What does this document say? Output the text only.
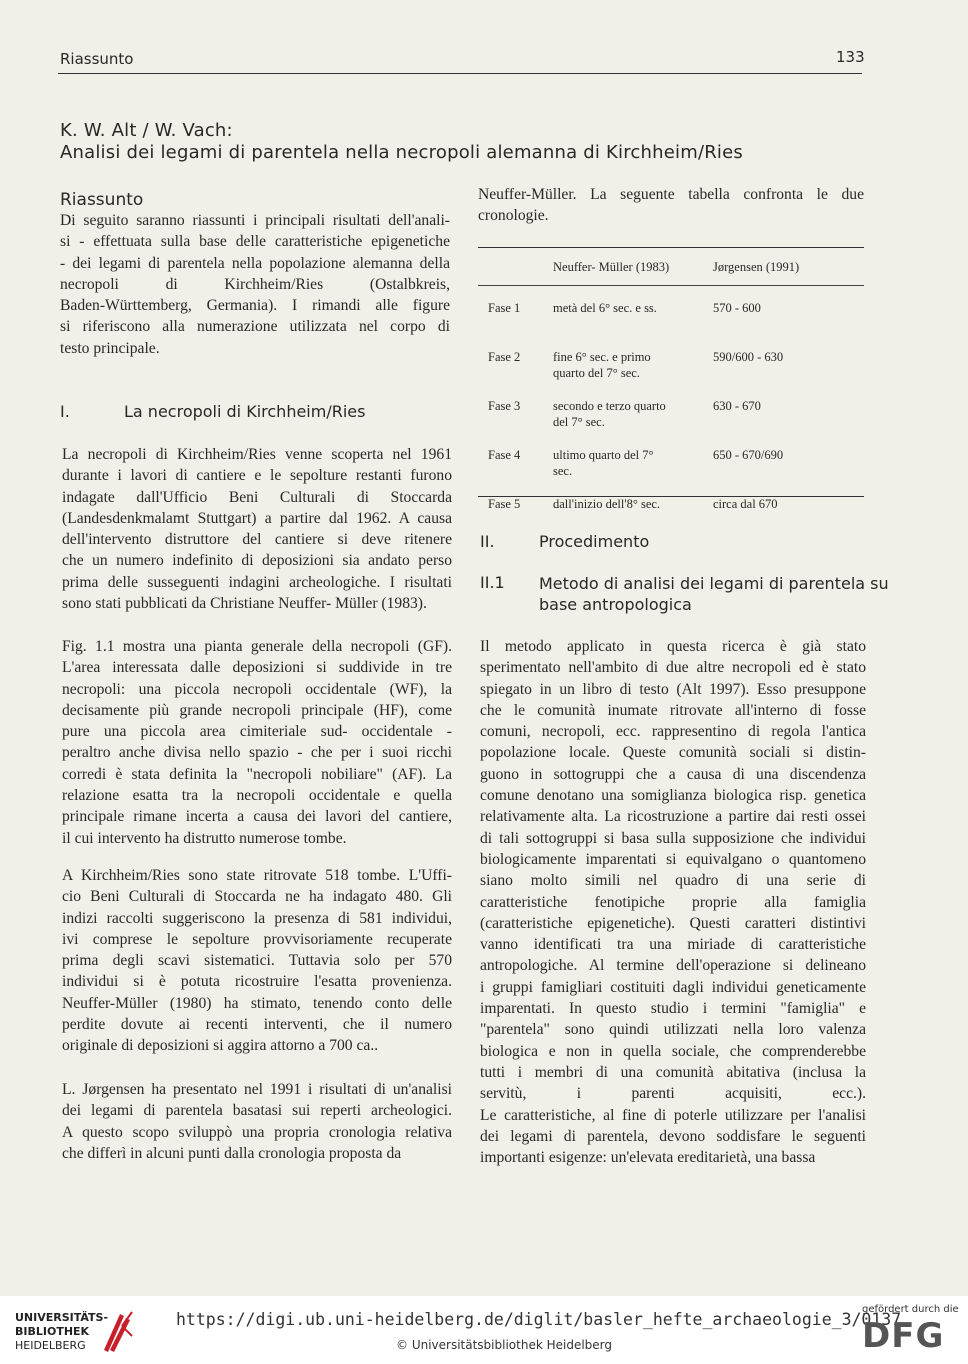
Riassunto	133
K. W. Alt / W. Vach:
Analisi dei legami di parentela nella necropoli alemanna di Kirchheim/Ries
Riassunto
Di seguito saranno riassunti i principali risultati dell'anali-
si - effettuata sulla base delle caratteristiche epigenetiche
- dei legami di parentela nella popolazione alemanna della
necropoli di Kirchheim/Ries (Ostalbkreis,
Baden-Württemberg, Germania). I rimandi alle figure
si riferiscono alla numerazione utilizzata nel corpo di
testo principale.
I.	La necropoli di Kirchheim/Ries
La necropoli di Kirchheim/Ries venne scoperta nel 1961
durante i lavori di cantiere e le sepolture restanti furono
indagate dall'Ufficio Beni Culturali di Stoccarda
(Landesdenkmalamt Stuttgart) a partire dal 1962. A causa
dell'intervento distruttore del cantiere si deve ritenere
che un numero indefinito di deposizioni sia andato perso
prima delle susseguenti indagini archeologiche. I risultati
sono stati pubblicati da Christiane Neuffer- Müller (1983).
Fig. 1.1 mostra una pianta generale della necropoli (GF).
L'area interessata dalle deposizioni si suddivide in tre
necropoli: una piccola necropoli occidentale (WF), la
decisamente più grande necropoli principale (HF), come
pure una piccola area cimiteriale sud- occidentale -
peraltro anche divisa nello spazio - che per i suoi ricchi
corredi è stata definita la "necropoli nobiliare" (AF). La
relazione esatta tra la necropoli occidentale e quella
principale rimane incerta a causa dei lavori del cantiere,
il cui intervento ha distrutto numerose tombe.
A Kirchheim/Ries sono state ritrovate 518 tombe. L'Uffi-
cio Beni Culturali di Stoccarda ne ha indagato 480. Gli
indizi raccolti suggeriscono la presenza di 581 individui,
ivi comprese le sepolture provvisoriamente recuperate
prima degli scavi sistematici. Tuttavia solo per 570
individui si è potuta ricostruire l'esatta provenienza.
Neuffer-Müller (1980) ha stimato, tenendo conto delle
perdite dovute ai recenti interventi, che il numero
originale di deposizioni si aggira attorno a 700 ca..
L. Jørgensen ha presentato nel 1991 i risultati di un'analisi
dei legami di parentela basatasi sui reperti archeologici.
A questo scopo sviluppò una propria cronologia relativa
che differì in alcuni punti dalla cronologia proposta da
Neuffer-Müller. La seguente tabella confronta le due
cronologie.
	Neuffer- Müller (1983)	Jørgensen (1991)
Fase 1	metà del 6° sec. e ss.	570 - 600
Fase 2	fine 6° sec. e primo
quarto del 7° sec.	590/600 - 630
Fase 3	secondo e terzo quarto
del 7° sec.	630 - 670
Fase 4	ultimo quarto del 7°
sec.	650 - 670/690
Fase 5	dall'inizio dell'8° sec.	circa dal 670
II.	Procedimento
II.1 Metodo di analisi dei legami di parentela su
base antropologica
Il metodo applicato in questa ricerca è già stato
sperimentato nell'ambito di due altre necropoli ed è stato
spiegato in un libro di testo (Alt 1997). Esso presuppone
che le comunità inumate ritrovate all'interno di fosse
comuni, necropoli, ecc. rappresentino di regola l'antica
popolazione locale. Queste comunità sociali si distin-
guono in sottogruppi che a causa di una discendenza
comune denotano una somiglianza biologica risp. genetica
relativamente alta. La ricostruzione a partire dai resti ossei
di tali sottogruppi si basa sulla supposizione che individui
biologicamente imparentati si equivalgano o quantomeno
siano molto simili nel quadro di una serie di
caratteristiche fenotipiche proprie alla famiglia
(caratteristiche epigenetiche). Questi caratteri distintivi
vanno identificati tra una miriade di caratteristiche
antropologiche. Al termine dell'operazione si delineano
i gruppi famigliari costituiti dagli individui geneticamente
imparentati. In questo studio i termini "famiglia" e
"parentela" sono quindi utilizzati nella loro valenza
biologica e non in quella sociale, che comprenderebbe
tutti i membri di una comunità abitativa (inclusa la
servitù, i parenti acquisiti, ecc.).
Le caratteristiche, al fine di poterle utilizzare per l'analisi
dei legami di parentela, devono soddisfare le seguenti
importanti esigenze: un'elevata ereditarietà, una bassa
UNIVERSITÄTS-
BIBLIOTHEK
HEIDELBERG
https://digi.ub.uni-heidelberg.de/diglit/basler_hefte_archaeologie_3/0137
© Universitätsbibliothek Heidelberg
gefördert durch die
DFG
